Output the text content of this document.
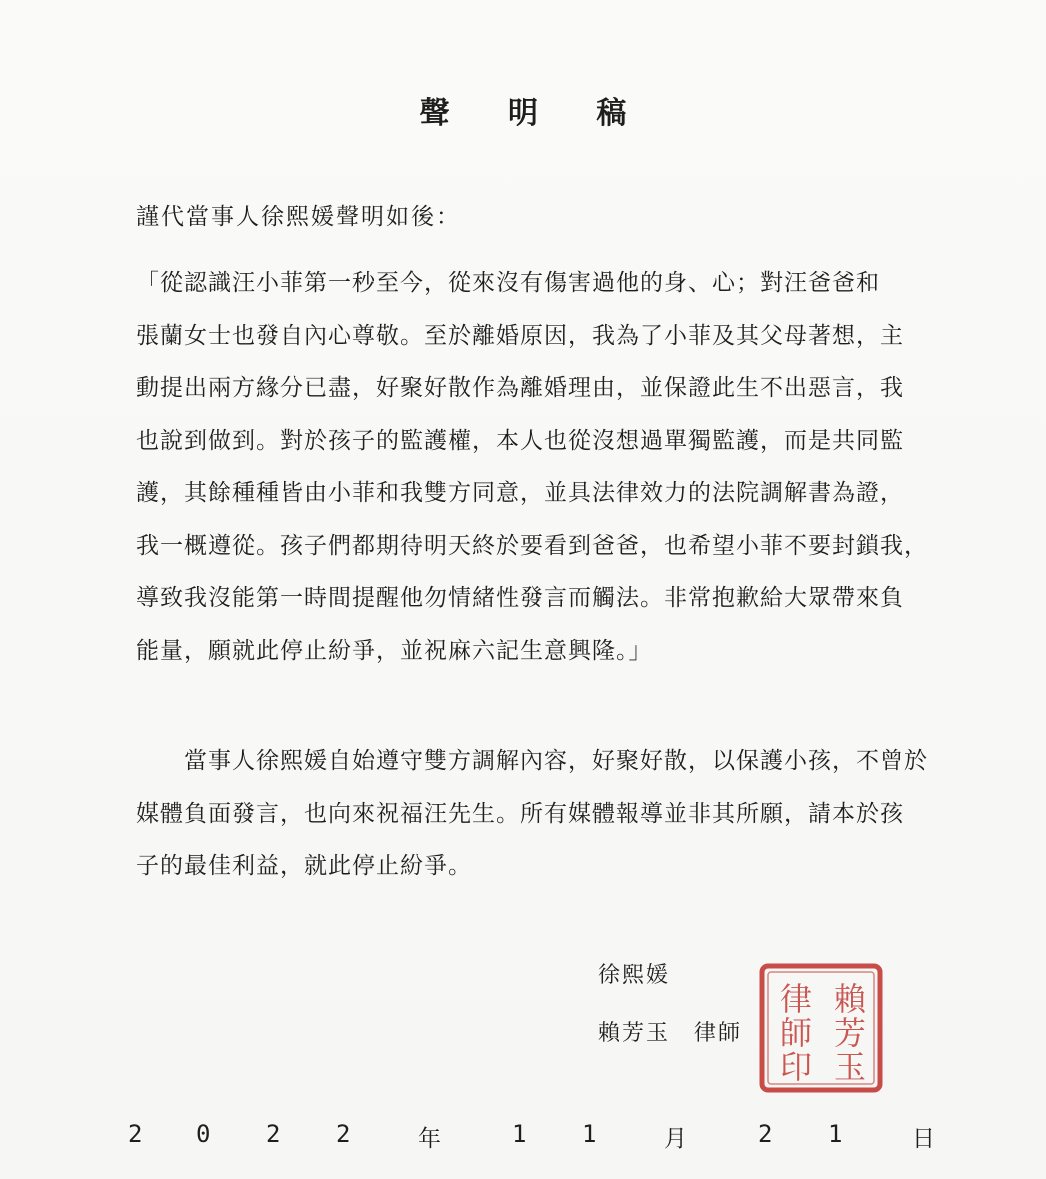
聲 明 稿
謹代當事人徐熙媛聲明如後：
「從認識汪小菲第一秒至今，從來沒有傷害過他的身、心；對汪爸爸和
張蘭女士也發自內心尊敬。至於離婚原因，我為了小菲及其父母著想，主
動提出兩方緣分已盡，好聚好散作為離婚理由，並保證此生不出惡言，我
也說到做到。對於孩子的監護權，本人也從沒想過單獨監護，而是共同監
護，其餘種種皆由小菲和我雙方同意，並具法律效力的法院調解書為證，
我一概遵從。孩子們都期待明天終於要看到爸爸，也希望小菲不要封鎖我，
導致我沒能第一時間提醒他勿情緒性發言而觸法。非常抱歉給大眾帶來負
能量，願就此停止紛爭，並祝麻六記生意興隆。」
　　當事人徐熙媛自始遵守雙方調解內容，好聚好散，以保護小孩，不曾於
媒體負面發言，也向來祝福汪先生。所有媒體報導並非其所願，請本於孩
子的最佳利益，就此停止紛爭。
徐熙媛
賴芳玉　律師
賴
芳
玉
律
師
印
2 0 2 2	年	1 1	月	2 1	日
